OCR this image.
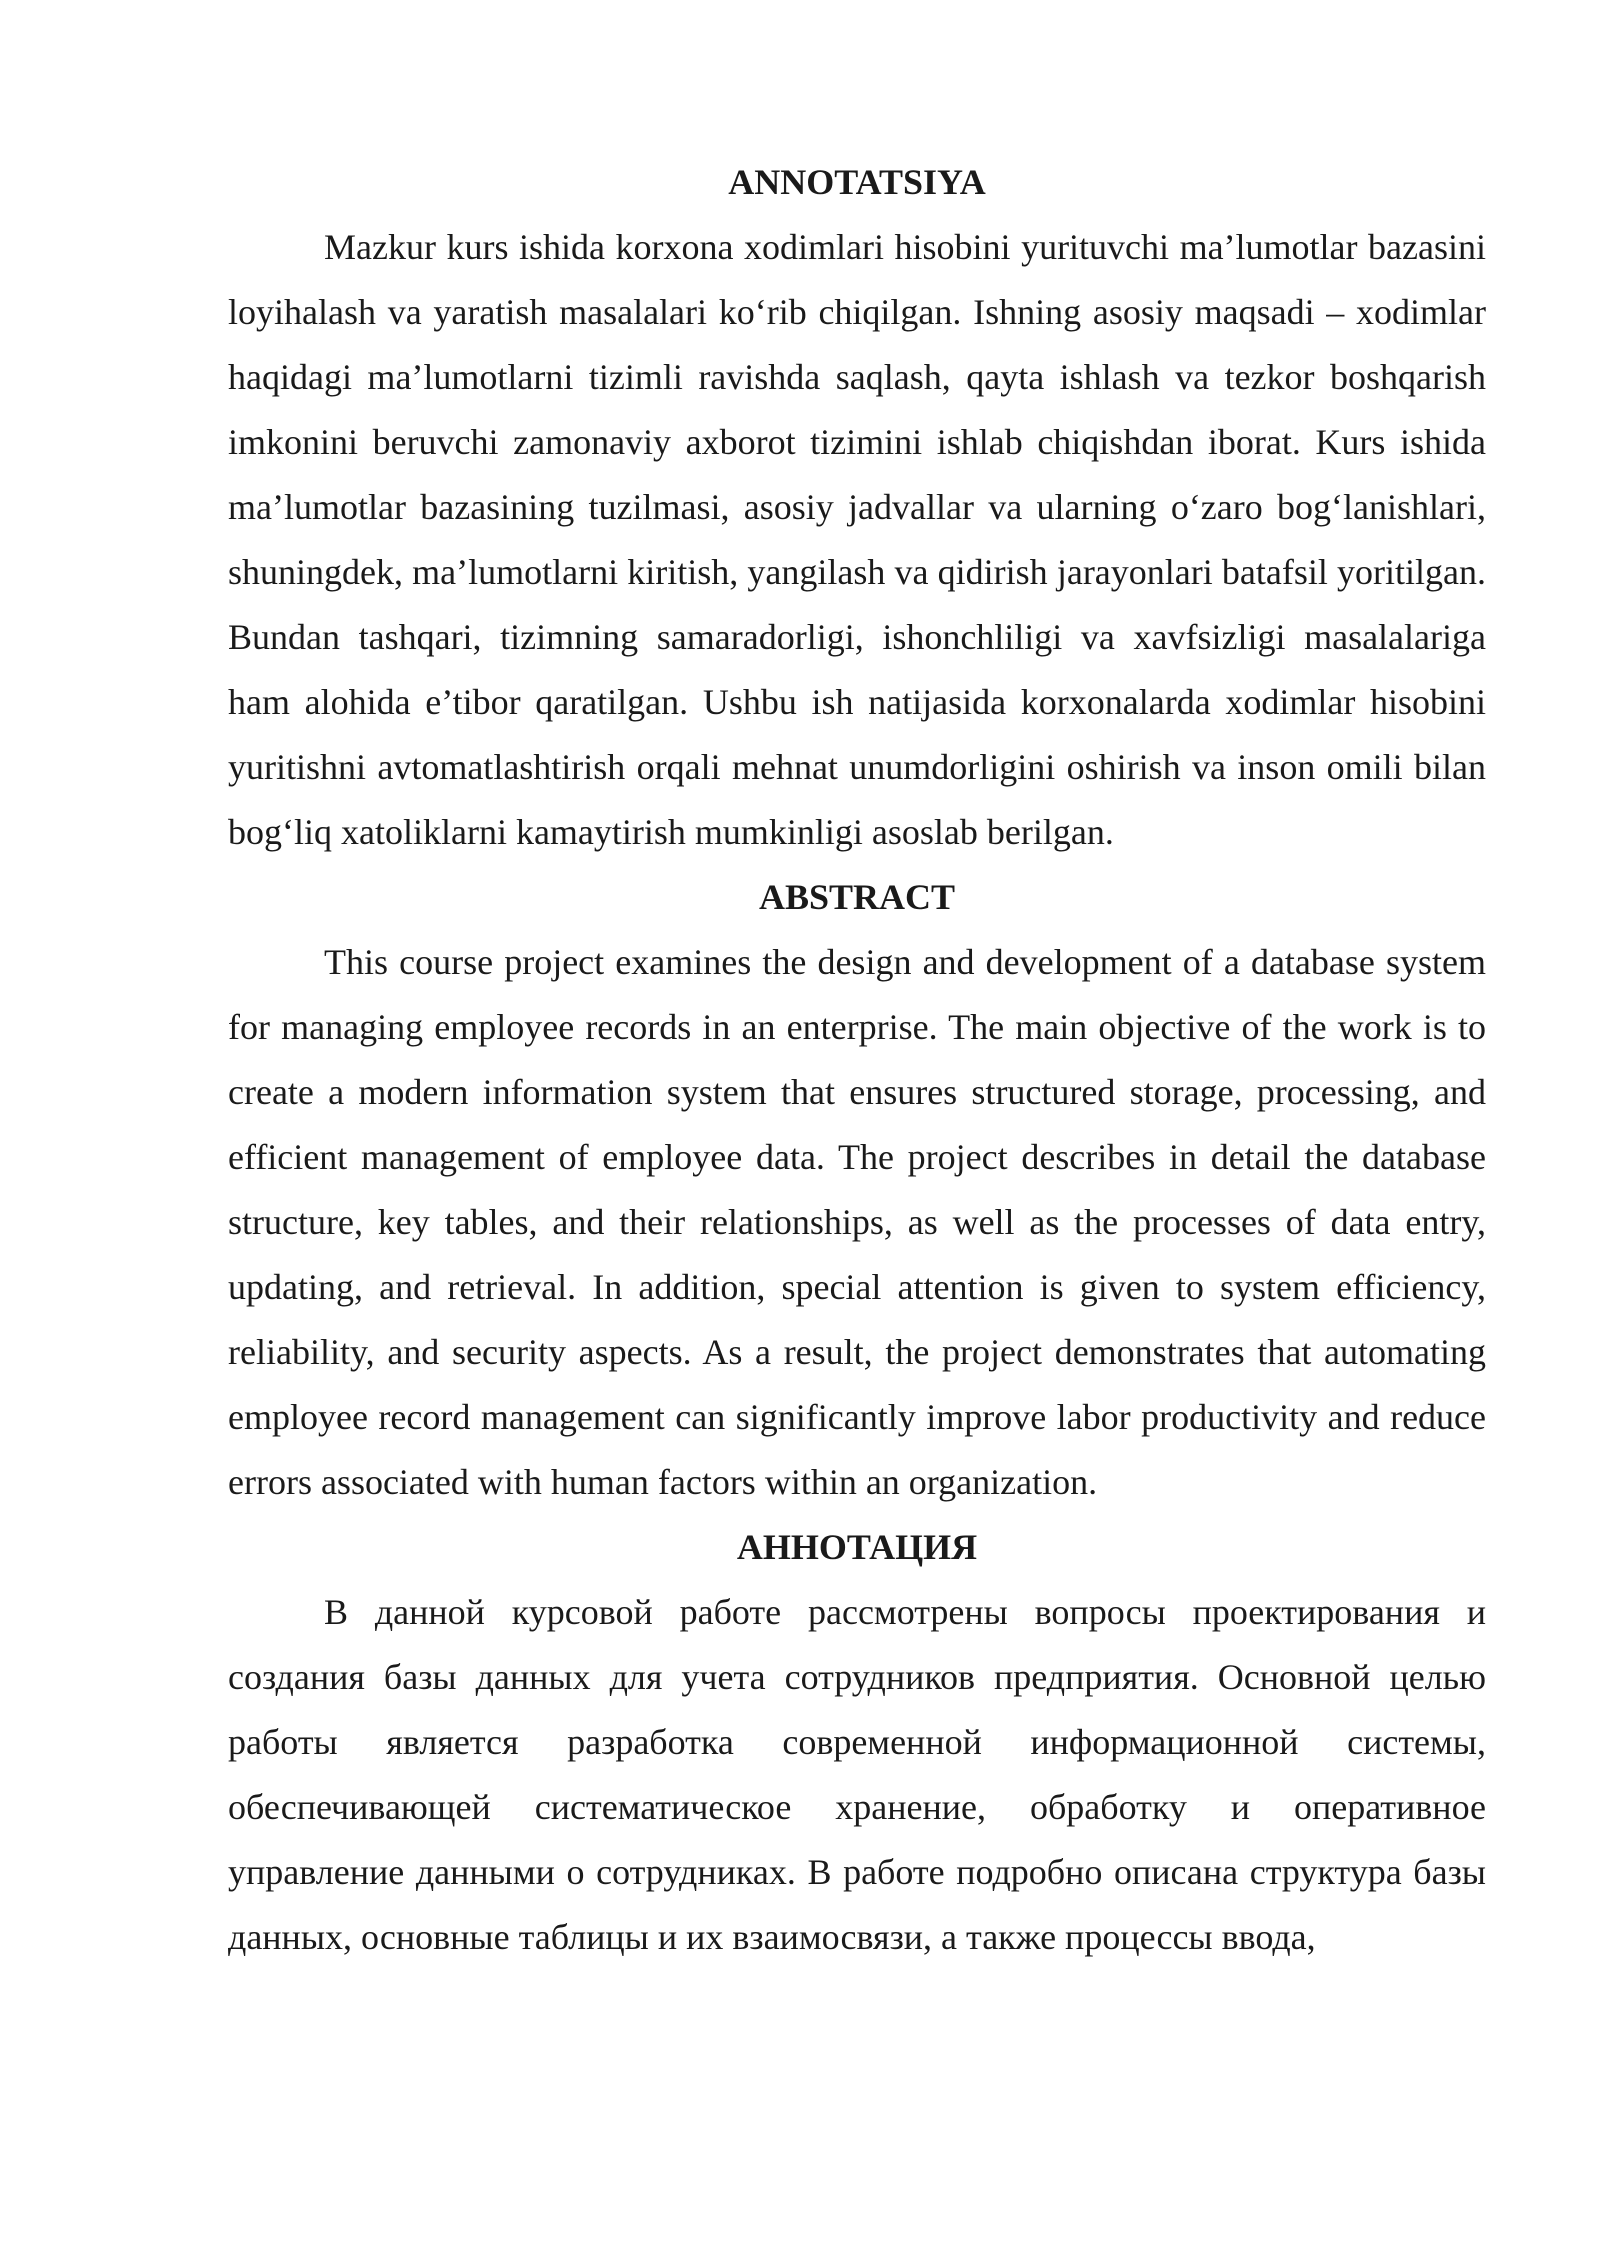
ANNOTATSIYA

Mazkur kurs ishida korxona xodimlari hisobini yurituvchi ma’lumotlar bazasini loyihalash va yaratish masalalari ko‘rib chiqilgan. Ishning asosiy maqsadi – xodimlar haqidagi ma’lumotlarni tizimli ravishda saqlash, qayta ishlash va tezkor boshqarish imkonini beruvchi zamonaviy axborot tizimini ishlab chiqishdan iborat. Kurs ishida ma’lumotlar bazasining tuzilmasi, asosiy jadvallar va ularning o‘zaro bog‘lanishlari, shuningdek, ma’lumotlarni kiritish, yangilash va qidirish jarayonlari batafsil yoritilgan. Bundan tashqari, tizimning samaradorligi, ishonchliligi va xavfsizligi masalalariga ham alohida e’tibor qaratilgan. Ushbu ish natijasida korxonalarda xodimlar hisobini yuritishni avtomatlashtirish orqali mehnat unumdorligini oshirish va inson omili bilan bog‘liq xatoliklarni kamaytirish mumkinligi asoslab berilgan.

ABSTRACT

This course project examines the design and development of a database system for managing employee records in an enterprise. The main objective of the work is to create a modern information system that ensures structured storage, processing, and efficient management of employee data. The project describes in detail the database structure, key tables, and their relationships, as well as the processes of data entry, updating, and retrieval. In addition, special attention is given to system efficiency, reliability, and security aspects. As a result, the project demonstrates that automating employee record management can significantly improve labor productivity and reduce errors associated with human factors within an organization.

АННОТАЦИЯ

В данной курсовой работе рассмотрены вопросы проектирования и создания базы данных для учета сотрудников предприятия. Основной целью работы является разработка современной информационной системы, обеспечивающей систематическое хранение, обработку и оперативное управление данными о сотрудниках. В работе подробно описана структура базы данных, основные таблицы и их взаимосвязи, а также процессы ввода,
